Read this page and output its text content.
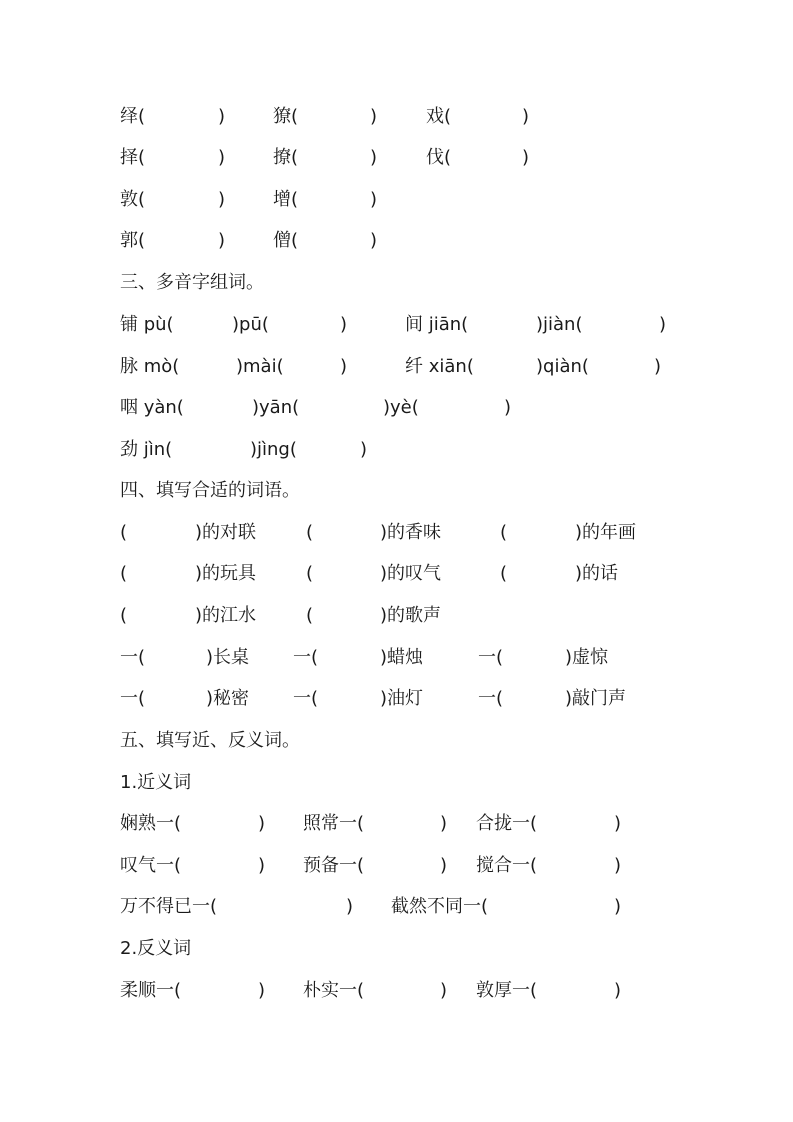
绎(	)	獠(	)	戏(	)
择(	)	撩(	)	伐(	)
敦(	)	增(	)
郭(	)	僧(	)
三、多音字组词。
铺 pù(	)pū(	)	间 jiān(	)jiàn(	)
脉 mò(	)mài(	)	纤 xiān(	)qiàn(	)
咽 yàn(	)yān(	)yè(	)
劲 jìn(	)jìng(	)
四、填写合适的词语。
(	)的对联	(	)的香味	(	)的年画
(	)的玩具	(	)的叹气	(	)的话
(	)的江水	(	)的歌声
一(	)长桌 一(	)蜡烛	一(	)虚惊
一(	)秘密 一(	)油灯	一(	)敲门声
五、填写近、反义词。
1.近义词
娴熟一(	) 照常一(	) 合拢一(	)
叹气一(	) 预备一(	) 搅合一(	)
万不得已一(	) 截然不同一(	)
2.反义词
柔顺一(	) 朴实一(	) 敦厚一(	)
